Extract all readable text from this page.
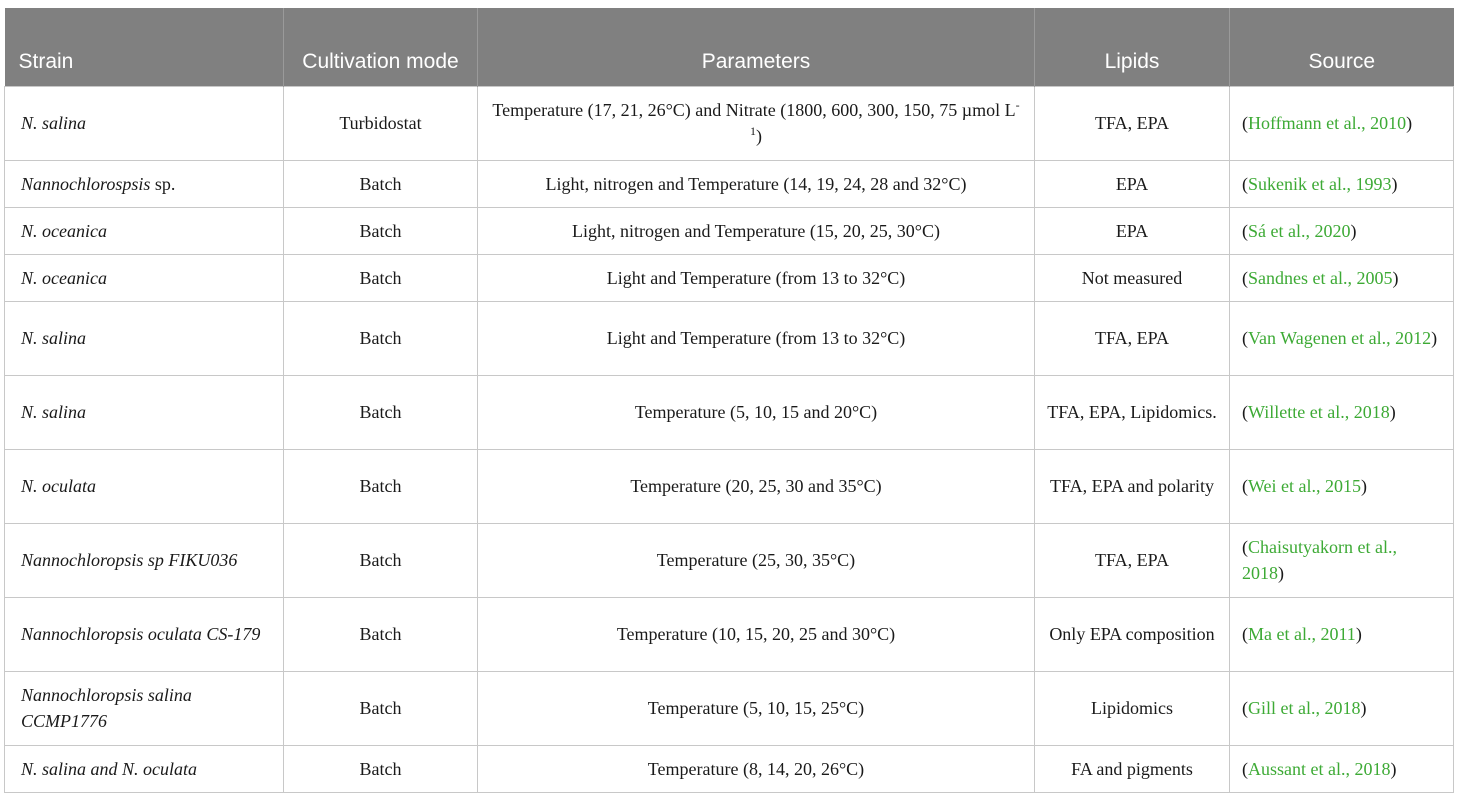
Strain	Cultivation mode	Parameters	Lipids	Source
N. salina	Turbidostat	Temperature (17, 21, 26°C) and Nitrate (1800, 600, 300, 150, 75 µmol $L^{-1}$)	TFA, EPA	(Hoffmann et al., 2010)
Nannochlorospsis sp.	Batch	Light, nitrogen and Temperature (14, 19, 24, 28 and 32°C)	EPA	(Sukenik et al., 1993)
N. oceanica	Batch	Light, nitrogen and Temperature (15, 20, 25, 30°C)	EPA	(Sá et al., 2020)
N. oceanica	Batch	Light and Temperature (from 13 to 32°C)	Not measured	(Sandnes et al., 2005)
N. salina	Batch	Light and Temperature (from 13 to 32°C)	TFA, EPA	(Van Wagenen et al., 2012)
N. salina	Batch	Temperature (5, 10, 15 and 20°C)	TFA, EPA, Lipidomics.	(Willette et al., 2018)
N. oculata	Batch	Temperature (20, 25, 30 and 35°C)	TFA, EPA and polarity	(Wei et al., 2015)
Nannochloropsis sp FIKU036	Batch	Temperature (25, 30, 35°C)	TFA, EPA	(Chaisutyakorn et al., 2018)
Nannochloropsis oculata CS-179	Batch	Temperature (10, 15, 20, 25 and 30°C)	Only EPA composition	(Ma et al., 2011)
Nannochloropsis salina CCMP1776	Batch	Temperature (5, 10, 15, 25°C)	Lipidomics	(Gill et al., 2018)
N. salina and N. oculata	Batch	Temperature (8, 14, 20, 26°C)	FA and pigments	(Aussant et al., 2018)
